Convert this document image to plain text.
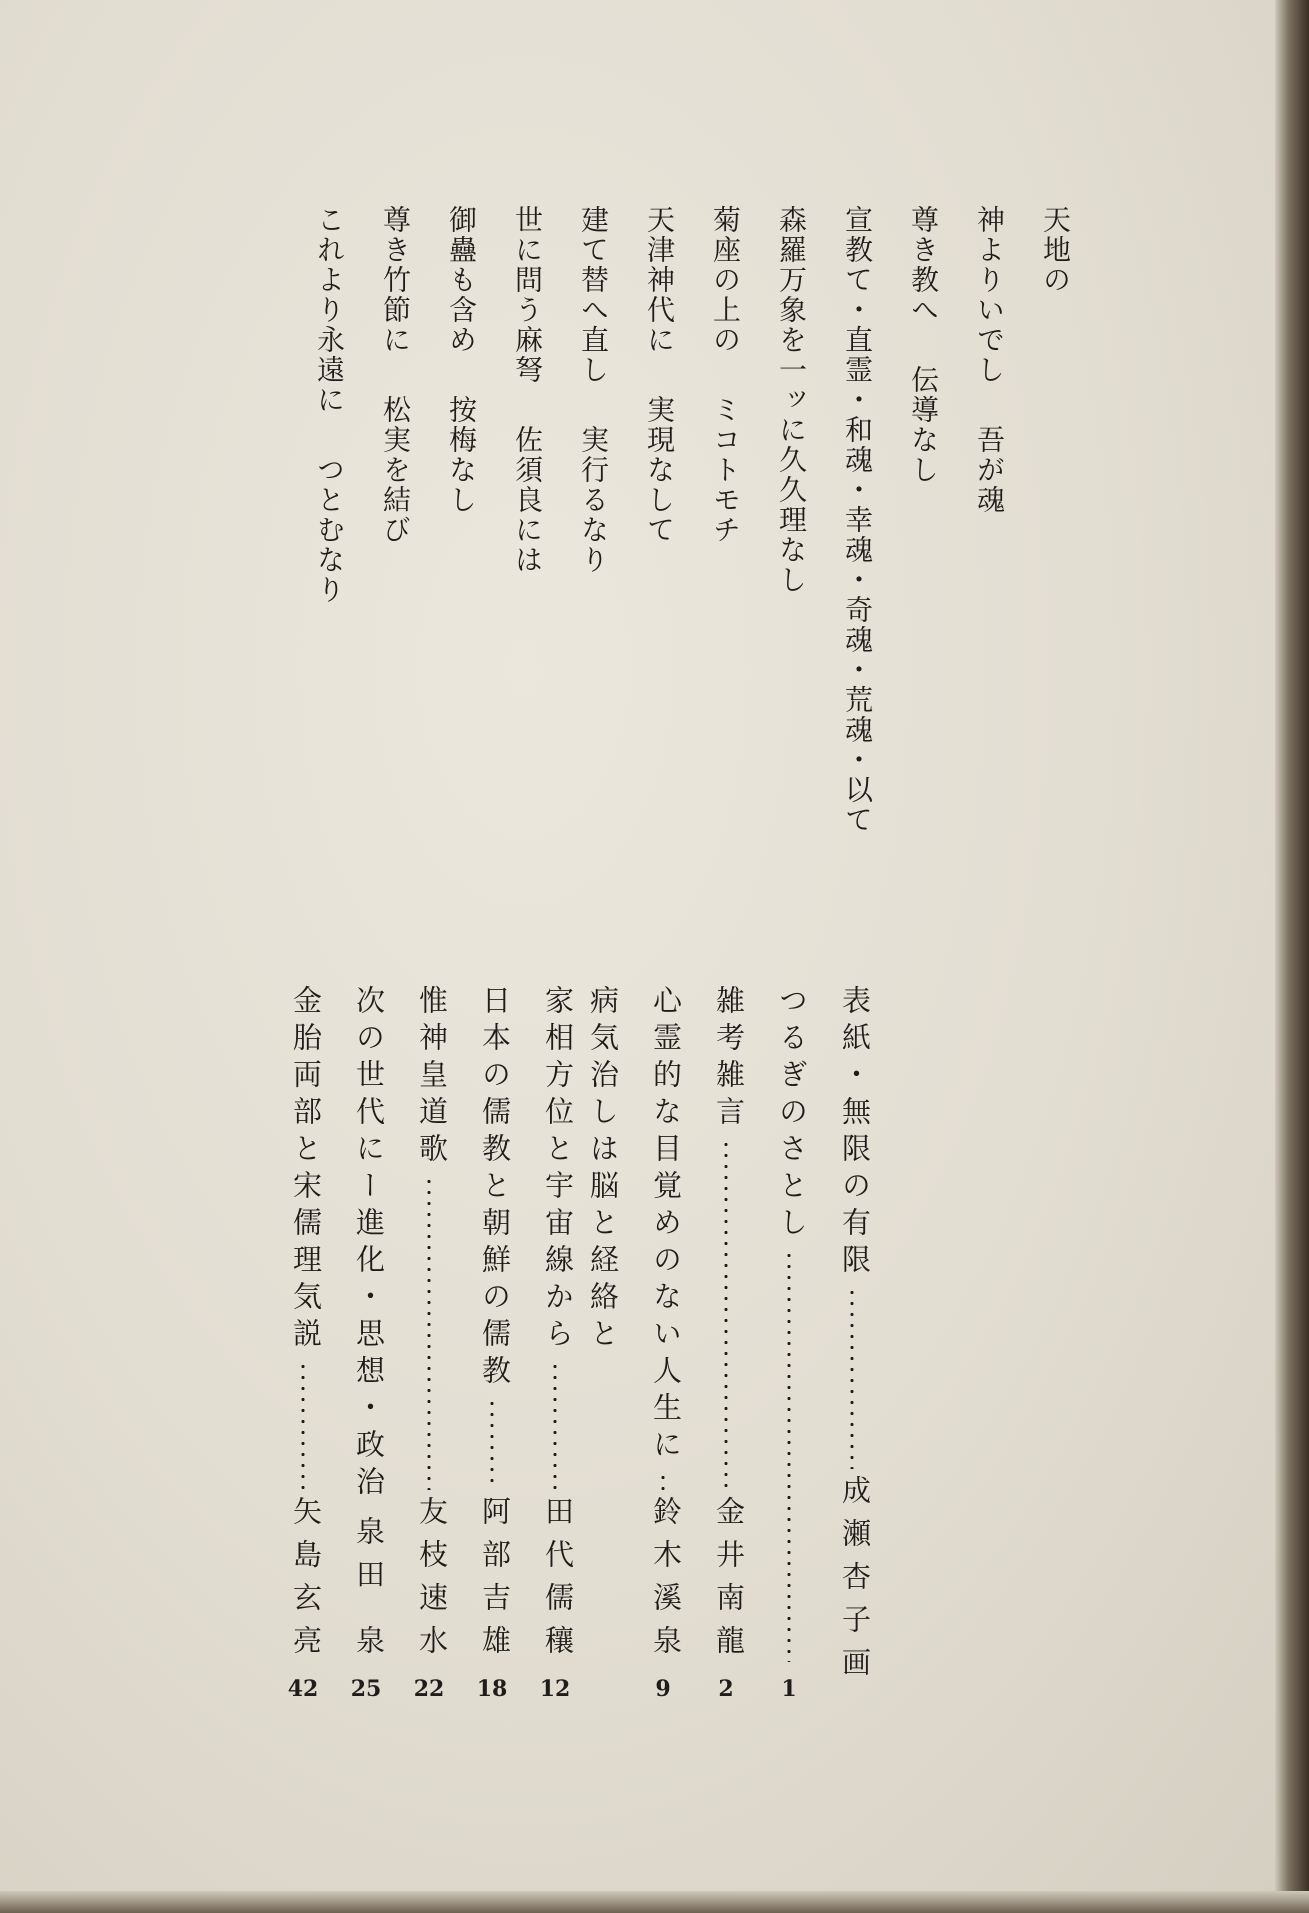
天地の
神よりいでし吾が魂
尊き教へ伝導なし
宣教て・直霊・和魂・幸魂・奇魂・荒魂・以て
森羅万象を一ッに久久理なし
菊座の上のミコトモチ
天津神代に実現なして
建て替へ直し実行るなり
世に問う麻弩佐須良には
御蠱も含め按梅なし
尊き竹節に松実を結び
これより永遠につとむなり
表紙・無限の有限
成瀬杏子画
つるぎのさとし
1
雑考雑言
金井南龍
2
心霊的な目覚めのない人生に
鈴木溪泉
9
病気治しは脳と経絡と
家相方位と宇宙線から
田代儒穰
12
日本の儒教と朝鮮の儒教
阿部吉雄
18
惟神皇道歌
友枝速水
22
次の世代にー進化・思想・政治
泉田 泉
25
金胎両部と宋儒理気説
矢島玄亮
42
